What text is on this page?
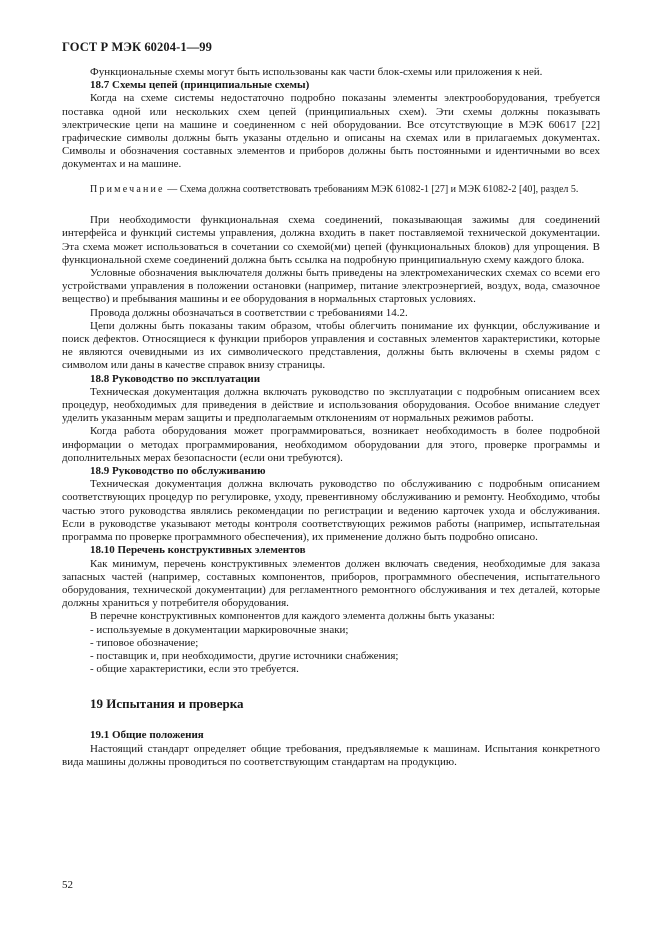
ГОСТ Р МЭК 60204-1—99

Функциональные схемы могут быть использованы как части блок-схемы или приложения к ней.

18.7 Схемы цепей (принципиальные схемы)

Когда на схеме системы недостаточно подробно показаны элементы электрооборудования, требуется поставка одной или нескольких схем цепей (принципиальных схем). Эти схемы должны показывать электрические цепи на машине и соединенном с ней оборудовании. Все отсутствующие в МЭК 60617 [22] графические символы должны быть указаны отдельно и описаны на схемах или в прилагаемых документах. Символы и обозначения составных элементов и приборов должны быть постоянными и идентичными во всех документах и на машине.

Примечание — Схема должна соответствовать требованиям МЭК 61082-1 [27] и МЭК 61082-2 [40], раздел 5.

При необходимости функциональная схема соединений, показывающая зажимы для соединений интерфейса и функций системы управления, должна входить в пакет поставляемой технической документации. Эта схема может использоваться в сочетании со схемой(ми) цепей (функциональных блоков) для упрощения. В функциональной схеме соединений должна быть ссылка на подробную принципиальную схему каждого блока.

Условные обозначения выключателя должны быть приведены на электромеханических схемах со всеми его устройствами управления в положении остановки (например, питание электроэнергией, воздух, вода, смазочное вещество) и пребывания машины и ее оборудования в нормальных стартовых условиях.

Провода должны обозначаться в соответствии с требованиями 14.2.

Цепи должны быть показаны таким образом, чтобы облегчить понимание их функции, обслуживание и поиск дефектов. Относящиеся к функции приборов управления и составных элементов характеристики, которые не являются очевидными из их символического представления, должны быть включены в схемы рядом с символом или даны в качестве справок внизу страницы.

18.8 Руководство по эксплуатации

Техническая документация должна включать руководство по эксплуатации с подробным описанием всех процедур, необходимых для приведения в действие и использования оборудования. Особое внимание следует уделить указанным мерам защиты и предполагаемым отклонениям от нормальных режимов работы.

Когда работа оборудования может программироваться, возникает необходимость в более подробной информации о методах программирования, необходимом оборудовании для этого, проверке программы и дополнительных мерах безопасности (если они требуются).

18.9 Руководство по обслуживанию

Техническая документация должна включать руководство по обслуживанию с подробным описанием соответствующих процедур по регулировке, уходу, превентивному обслуживанию и ремонту. Необходимо, чтобы частью этого руководства являлись рекомендации по регистрации и ведению карточек ухода и обслуживания. Если в руководстве указывают методы контроля соответствующих режимов работы (например, испытательная программа по проверке программного обеспечения), их применение должно быть подробно описано.

18.10 Перечень конструктивных элементов

Как минимум, перечень конструктивных элементов должен включать сведения, необходимые для заказа запасных частей (например, составных компонентов, приборов, программного обеспечения, испытательного оборудования, технической документации) для регламентного ремонтного обслуживания и тех деталей, которые должны храниться у потребителя оборудования.

В перечне конструктивных компонентов для каждого элемента должны быть указаны:

- используемые в документации маркировочные знаки;
- типовое обозначение;
- поставщик и, при необходимости, другие источники снабжения;
- общие характеристики, если это требуется.
19 Испытания и проверка
19.1 Общие положения

Настоящий стандарт определяет общие требования, предъявляемые к машинам. Испытания конкретного вида машины должны проводиться по соответствующим стандартам на продукцию.

52
